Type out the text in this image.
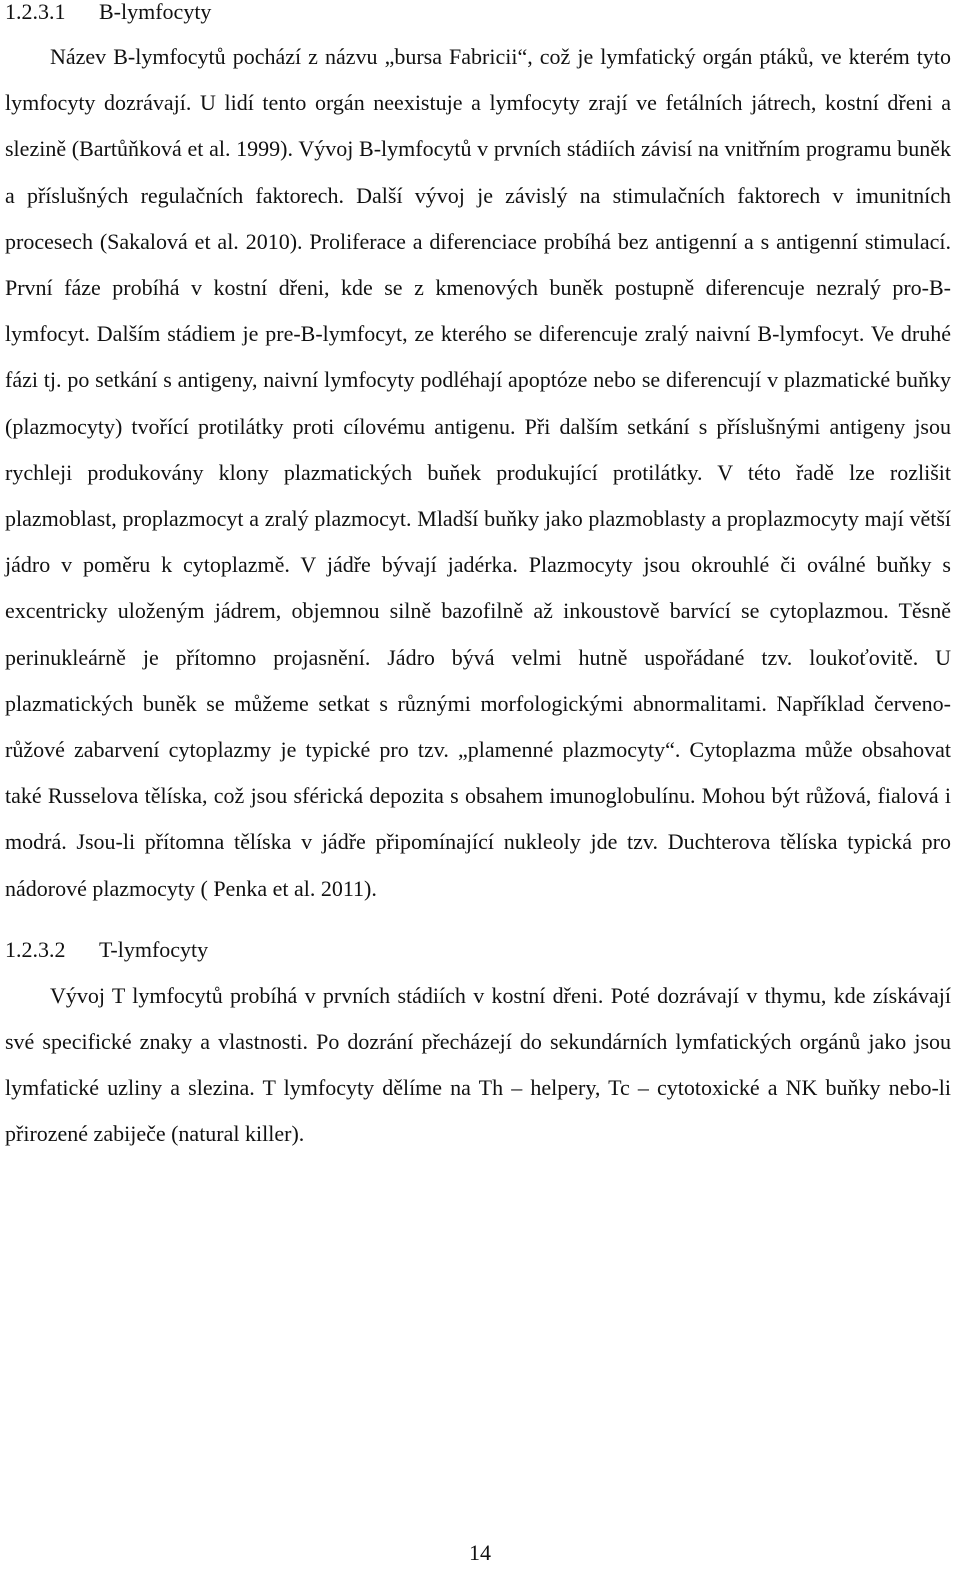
1.2.3.1 B-lymfocyty

Název B-lymfocytů pochází z názvu „bursa Fabricii“, což je lymfatický orgán ptáků, ve kterém tyto lymfocyty dozrávají. U lidí tento orgán neexistuje a lymfocyty zrají ve fetálních játrech, kostní dřeni a slezině (Bartůňková et al. 1999). Vývoj B-lymfocytů v prvních stádiích závisí na vnitřním programu buněk a příslušných regulačních faktorech. Další vývoj je závislý na stimulačních faktorech v imunitních procesech (Sakalová et al. 2010). Proliferace a diferenciace probíhá bez antigenní a s antigenní stimulací. První fáze probíhá v kostní dřeni, kde se z kmenových buněk postupně diferencuje nezralý pro-B-lymfocyt. Dalším stádiem je pre-B-lymfocyt, ze kterého se diferencuje zralý naivní B-lymfocyt. Ve druhé fázi tj. po setkání s antigeny, naivní lymfocyty podléhají apoptóze nebo se diferencují v plazmatické buňky (plazmocyty) tvořící protilátky proti cílovému antigenu. Při dalším setkání s příslušnými antigeny jsou rychleji produkovány klony plazmatických buňek produkující protilátky. V této řadě lze rozlišit plazmoblast, proplazmocyt a zralý plazmocyt. Mladší buňky jako plazmoblasty a proplazmocyty mají větší jádro v poměru k cytoplazmě. V jádře bývají jadérka. Plazmocyty jsou okrouhlé či oválné buňky s excentricky uloženým jádrem, objemnou silně bazofilně až inkoustově barvící se cytoplazmou. Těsně perinukleárně je přítomno projasnění. Jádro bývá velmi hutně uspořádané tzv. loukoťovitě. U plazmatických buněk se můžeme setkat s různými morfologickými abnormalitami. Například červeno-růžové zabarvení cytoplazmy je typické pro tzv. „plamenné plazmocyty“. Cytoplazma může obsahovat také Russelova tělíska, což jsou sférická depozita s obsahem imunoglobulínu. Mohou být růžová, fialová i modrá. Jsou-li přítomna tělíska v jádře připomínající nukleoly jde tzv. Duchterova tělíska typická pro nádorové plazmocyty ( Penka et al. 2011).

1.2.3.2 T-lymfocyty

Vývoj T lymfocytů probíhá v prvních stádiích v kostní dřeni. Poté dozrávají v thymu, kde získávají své specifické znaky a vlastnosti. Po dozrání přecházejí do sekundárních lymfatických orgánů jako jsou lymfatické uzliny a slezina. T lymfocyty dělíme na Th – helpery, Tc – cytotoxické a NK buňky nebo-li přirozené zabiječe (natural killer).

14
